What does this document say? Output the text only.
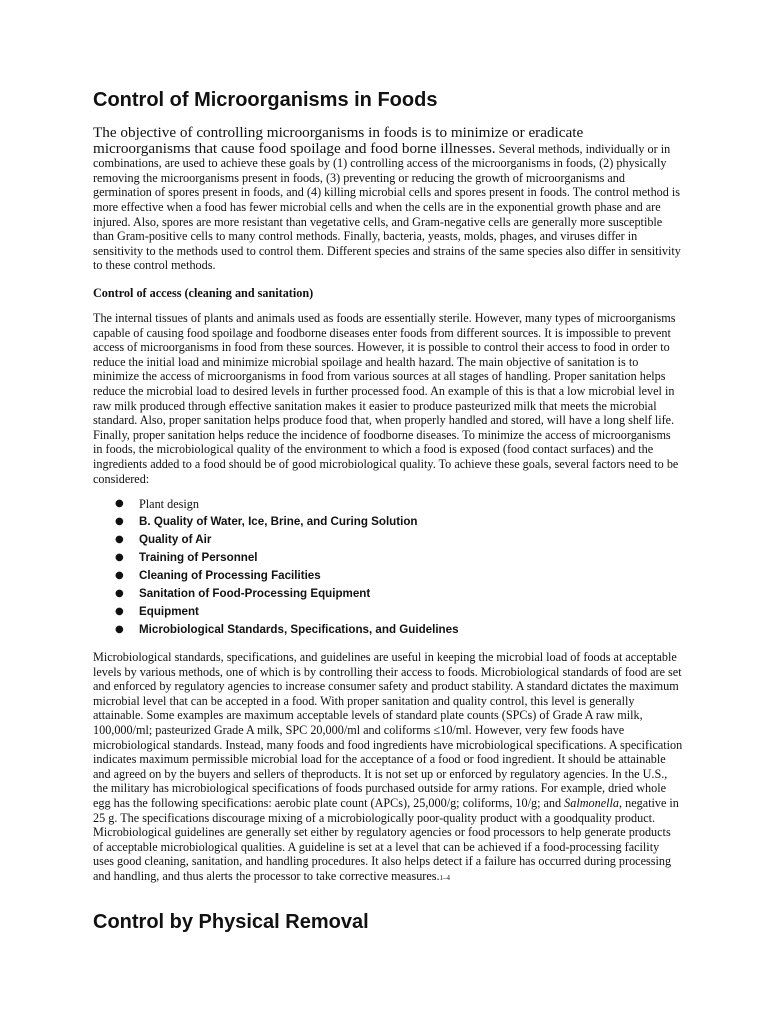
Control of Microorganisms in Foods

The objective of controlling microorganisms in foods is to minimize or eradicate microorganisms that cause food spoilage and food borne illnesses. Several methods, individually or in combinations, are used to achieve these goals by (1) controlling access of the microorganisms in foods, (2) physically removing the microorganisms present in foods, (3) preventing or reducing the growth of microorganisms and germination of spores present in foods, and (4) killing microbial cells and spores present in foods. The control method is more effective when a food has fewer microbial cells and when the cells are in the exponential growth phase and are injured. Also, spores are more resistant than vegetative cells, and Gram-negative cells are generally more susceptible than Gram-positive cells to many control methods. Finally, bacteria, yeasts, molds, phages, and viruses differ in sensitivity to the methods used to control them. Different species and strains of the same species also differ in sensitivity to these control methods.

Control of access (cleaning and sanitation)

The internal tissues of plants and animals used as foods are essentially sterile. However, many types of microorganisms capable of causing food spoilage and foodborne diseases enter foods from different sources. It is impossible to prevent access of microorganisms in food from these sources. However, it is possible to control their access to food in order to reduce the initial load and minimize microbial spoilage and health hazard. The main objective of sanitation is to minimize the access of microorganisms in food from various sources at all stages of handling. Proper sanitation helps reduce the microbial load to desired levels in further processed food. An example of this is that a low microbial level in raw milk produced through effective sanitation makes it easier to produce pasteurized milk that meets the microbial standard. Also, proper sanitation helps produce food that, when properly handled and stored, will have a long shelf life. Finally, proper sanitation helps reduce the incidence of foodborne diseases. To minimize the access of microorganisms in foods, the microbiological quality of the environment to which a food is exposed (food contact surfaces) and the ingredients added to a food should be of good microbiological quality. To achieve these goals, several factors need to be considered:

● Plant design
● B. Quality of Water, Ice, Brine, and Curing Solution
● Quality of Air
● Training of Personnel
● Cleaning of Processing Facilities
● Sanitation of Food-Processing Equipment
● Equipment
● Microbiological Standards, Specifications, and Guidelines

Microbiological standards, specifications, and guidelines are useful in keeping the microbial load of foods at acceptable levels by various methods, one of which is by controlling their access to foods. Microbiological standards of food are set and enforced by regulatory agencies to increase consumer safety and product stability. A standard dictates the maximum microbial level that can be accepted in a food. With proper sanitation and quality control, this level is generally attainable. Some examples are maximum acceptable levels of standard plate counts (SPCs) of Grade A raw milk, 100,000/ml; pasteurized Grade A milk, SPC 20,000/ml and coliforms ≤10/ml. However, very few foods have microbiological standards. Instead, many foods and food ingredients have microbiological specifications. A specification indicates maximum permissible microbial load for the acceptance of a food or food ingredient. It should be attainable and agreed on by the buyers and sellers of theproducts. It is not set up or enforced by regulatory agencies. In the U.S., the military has microbiological specifications of foods purchased outside for army rations. For example, dried whole egg has the following specifications: aerobic plate count (APCs), 25,000/g; coliforms, 10/g; and Salmonella, negative in 25 g. The specifications discourage mixing of a microbiologically poor-quality product with a goodquality product. Microbiological guidelines are generally set either by regulatory agencies or food processors to help generate products of acceptable microbiological qualities. A guideline is set at a level that can be achieved if a food-processing facility uses good cleaning, sanitation, and handling procedures. It also helps detect if a failure has occurred during processing and handling, and thus alerts the processor to take corrective measures.1–4

Control by Physical Removal
